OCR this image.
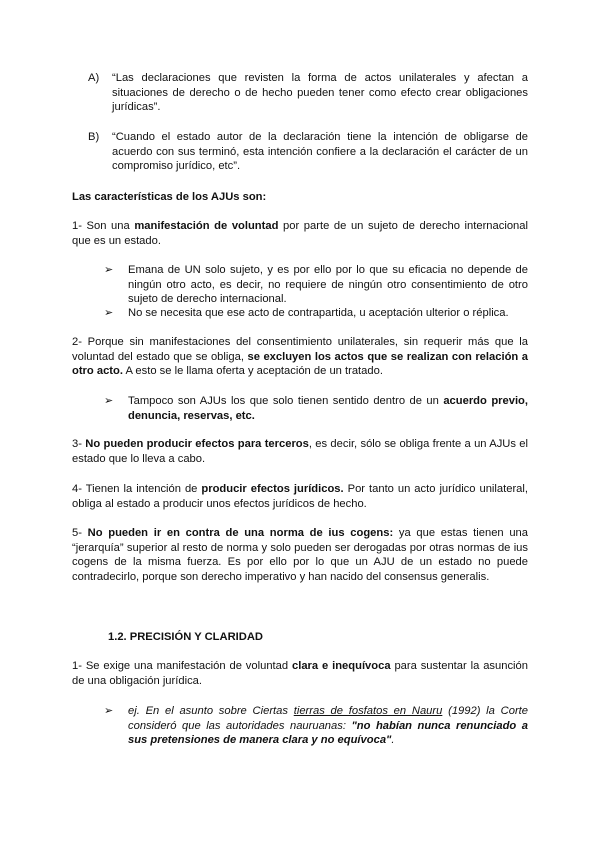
A) “Las declaraciones que revisten la forma de actos unilaterales y afectan a situaciones de derecho o de hecho pueden tener como efecto crear obligaciones jurídicas”.
B) “Cuando el estado autor de la declaración tiene la intención de obligarse de acuerdo con sus terminó, esta intención confiere a la declaración el carácter de un compromiso jurídico, etc”.

Las características de los AJUs son:

1- Son una manifestación de voluntad por parte de un sujeto de derecho internacional que es un estado.

➢ Emana de UN solo sujeto, y es por ello por lo que su eficacia no depende de ningún otro acto, es decir, no requiere de ningún otro consentimiento de otro sujeto de derecho internacional.
➢ No se necesita que ese acto de contrapartida, u aceptación ulterior o réplica.

2- Porque sin manifestaciones del consentimiento unilaterales, sin requerir más que la voluntad del estado que se obliga, se excluyen los actos que se realizan con relación a otro acto. A esto se le llama oferta y aceptación de un tratado.

➢ Tampoco son AJUs los que solo tienen sentido dentro de un acuerdo previo, denuncia, reservas, etc.

3- No pueden producir efectos para terceros, es decir, sólo se obliga frente a un AJUs el estado que lo lleva a cabo.

4- Tienen la intención de producir efectos jurídicos. Por tanto un acto jurídico unilateral, obliga al estado a producir unos efectos jurídicos de hecho.

5- No pueden ir en contra de una norma de ius cogens: ya que estas tienen una “jerarquía” superior al resto de norma y solo pueden ser derogadas por otras normas de ius cogens de la misma fuerza. Es por ello por lo que un AJU de un estado no puede contradecirlo, porque son derecho imperativo y han nacido del consensus generalis.

1.2. PRECISIÓN Y CLARIDAD

1- Se exige una manifestación de voluntad clara e inequívoca para sustentar la asunción de una obligación jurídica.

➢ ej. En el asunto sobre Ciertas tierras de fosfatos en Nauru (1992) la Corte consideró que las autoridades nauruanas: "no habían nunca renunciado a sus pretensiones de manera clara y no equívoca".
